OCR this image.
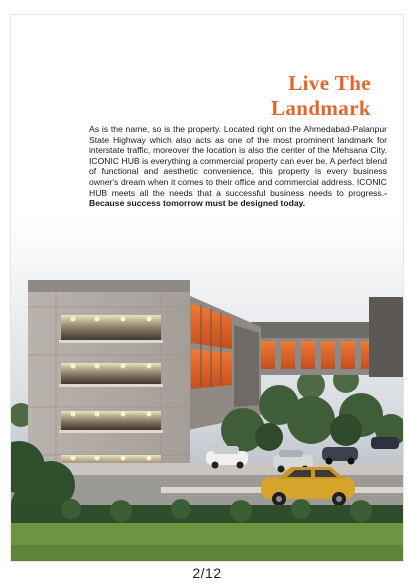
Live The
Landmark
As is the name, so is the property. Located right on the Ahmedabad-Palanpur State Highway which also acts as one of the most prominent landmark for interstate traffic, moreover the location is also the center of the Mehsana City. ICONIC HUB is everything a commercial property can ever be. A perfect blend of functional and aesthetic convenience, this property is every business owner's dream when it comes to their office and commercial address. ICONIC HUB meets all the needs that a successful business needs to progress.- Because success tomorrow must be designed today.
2/12
